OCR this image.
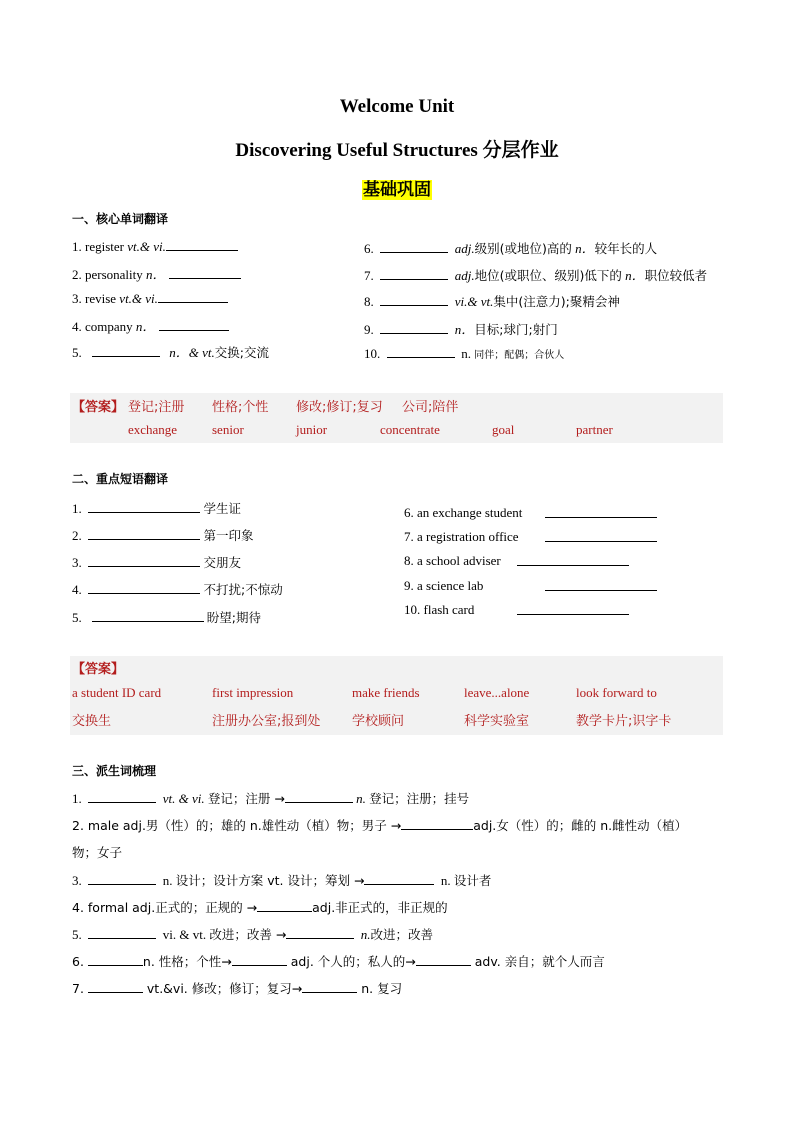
Welcome Unit
Discovering Useful Structures 分层作业
基础巩固
一、核心单词翻译
1. register vt.& vi.
2. personality n．
3. revise vt.& vi.
4. company n．
5.	n．& vt.交换;交流
6.	adj.级别(或地位)高的 n．较年长的人
7.	adj.地位(或职位、级别)低下的 n．职位较低者
8.	vi.& vt.集中(注意力);聚精会神
9.	n．目标;球门;射门
10.	n. 同伴；配偶；合伙人
【答案】 登记;注册 性格;个性 修改;修订;复习 公司;陪伴
exchange	senior	junior	concentrate	goal	partner
二、重点短语翻译
1.	学生证
2.	第一印象
3.	交朋友
4.	不打扰;不惊动
5.	盼望;期待
6. an exchange student
7. a registration office
8. a school adviser
9. a science lab
10. flash card
【答案】
a student ID card	first impression	make friends	leave...alone	look forward to
交换生	注册办公室;报到处 学校顾问	科学实验室	教学卡片;识字卡
三、派生词梳理
1.	vt. & vi. 登记；注册 →	n. 登记；注册；挂号
2. male adj.男（性）的；雄的 n.雄性动（植）物；男子 →	adj.女（性）的；雌的 n.雌性动（植）
物；女子
3.	n. 设计；设计方案 vt. 设计；筹划 →	n. 设计者
4. formal adj.正式的；正规的 →	adj.非正式的，非正规的
5.	vi. & vt. 改进；改善 →	n.改进；改善
6.	n. 性格；个性→	adj. 个人的；私人的→	adv. 亲自；就个人而言
7.	vt.&vi. 修改；修订；复习→	n. 复习
